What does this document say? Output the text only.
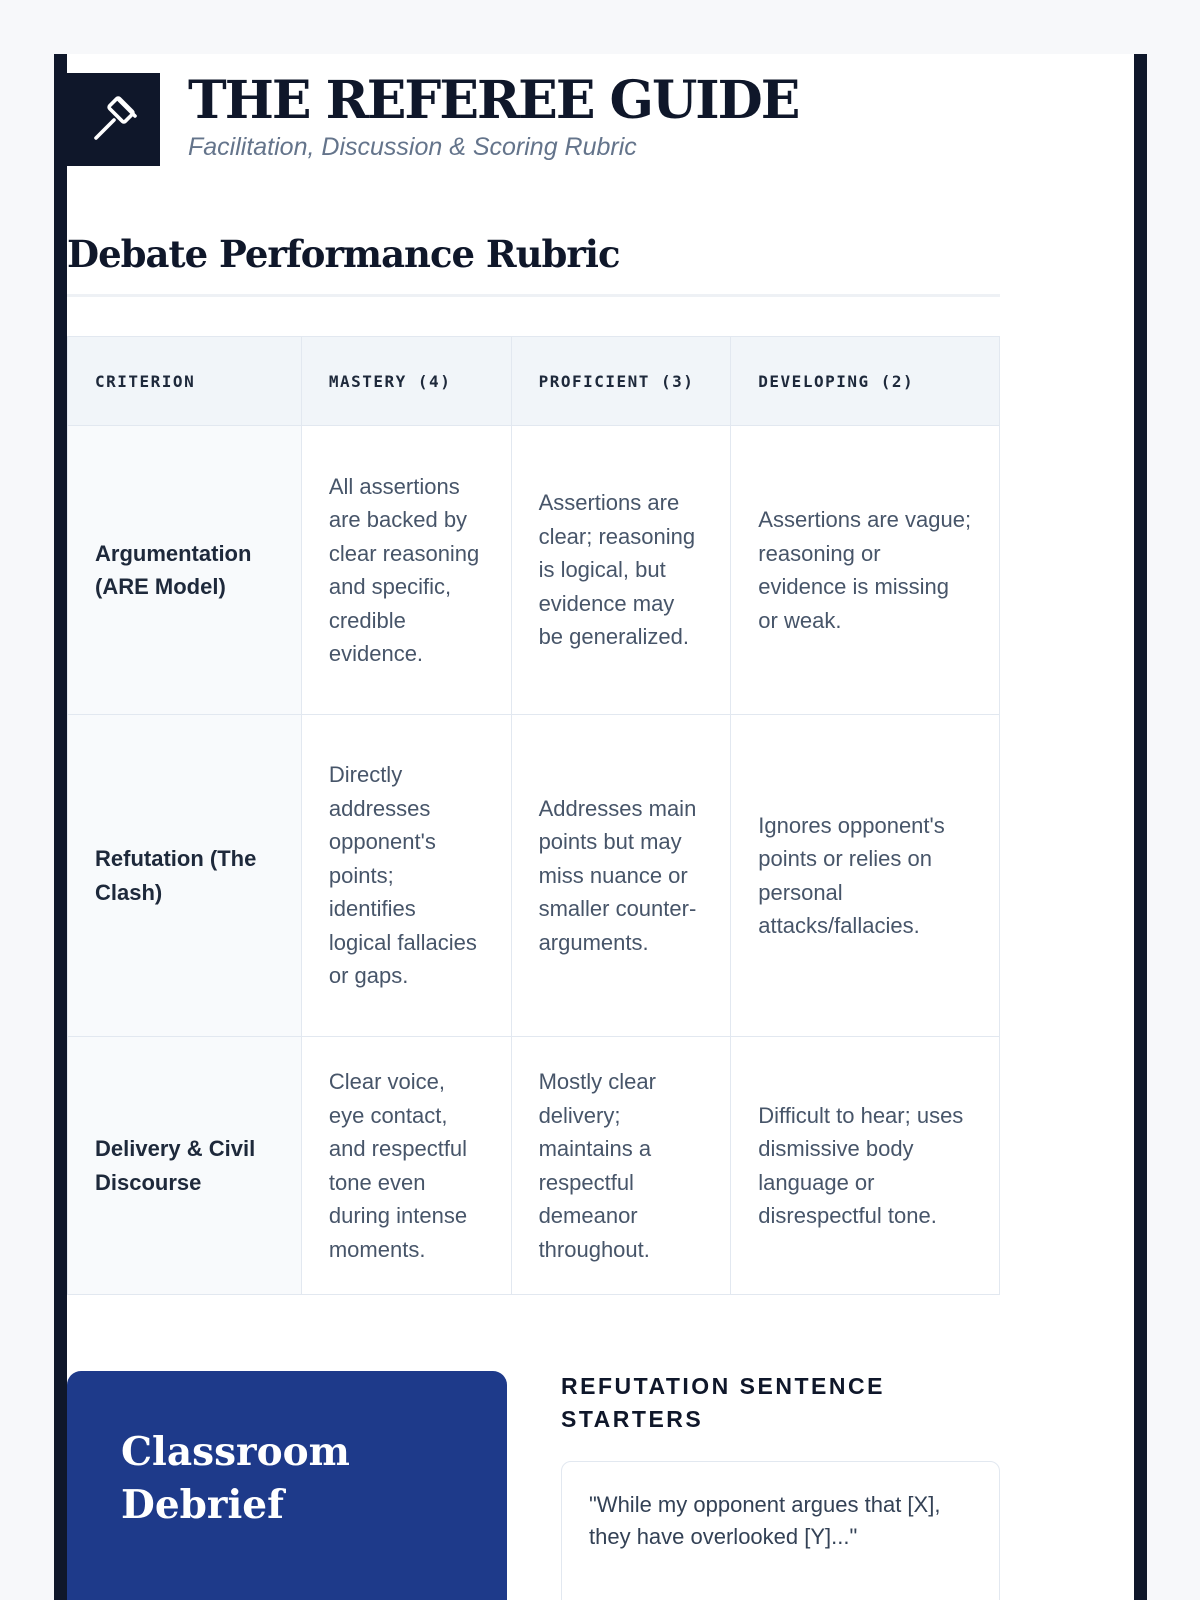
THE REFEREE GUIDE
Facilitation, Discussion & Scoring Rubric
Debate Performance Rubric
CRITERION	MASTERY (4)	PROFICIENT (3)	DEVELOPING (2)
Argumentation (ARE Model)	All assertions are backed by clear reasoning and specific, credible evidence.	Assertions are clear; reasoning is logical, but evidence may be generalized.	Assertions are vague; reasoning or evidence is missing or weak.
Refutation (The Clash)	Directly addresses opponent's points; identifies logical fallacies or gaps.	Addresses main points but may miss nuance or smaller counter-arguments.	Ignores opponent's points or relies on personal attacks/fallacies.
Delivery & Civil Discourse	Clear voice, eye contact, and respectful tone even during intense moments.	Mostly clear delivery; maintains a respectful demeanor throughout.	Difficult to hear; uses dismissive body language or disrespectful tone.
Classroom Debrief
REFUTATION SENTENCE STARTERS
"While my opponent argues that [X], they have overlooked [Y]..."
